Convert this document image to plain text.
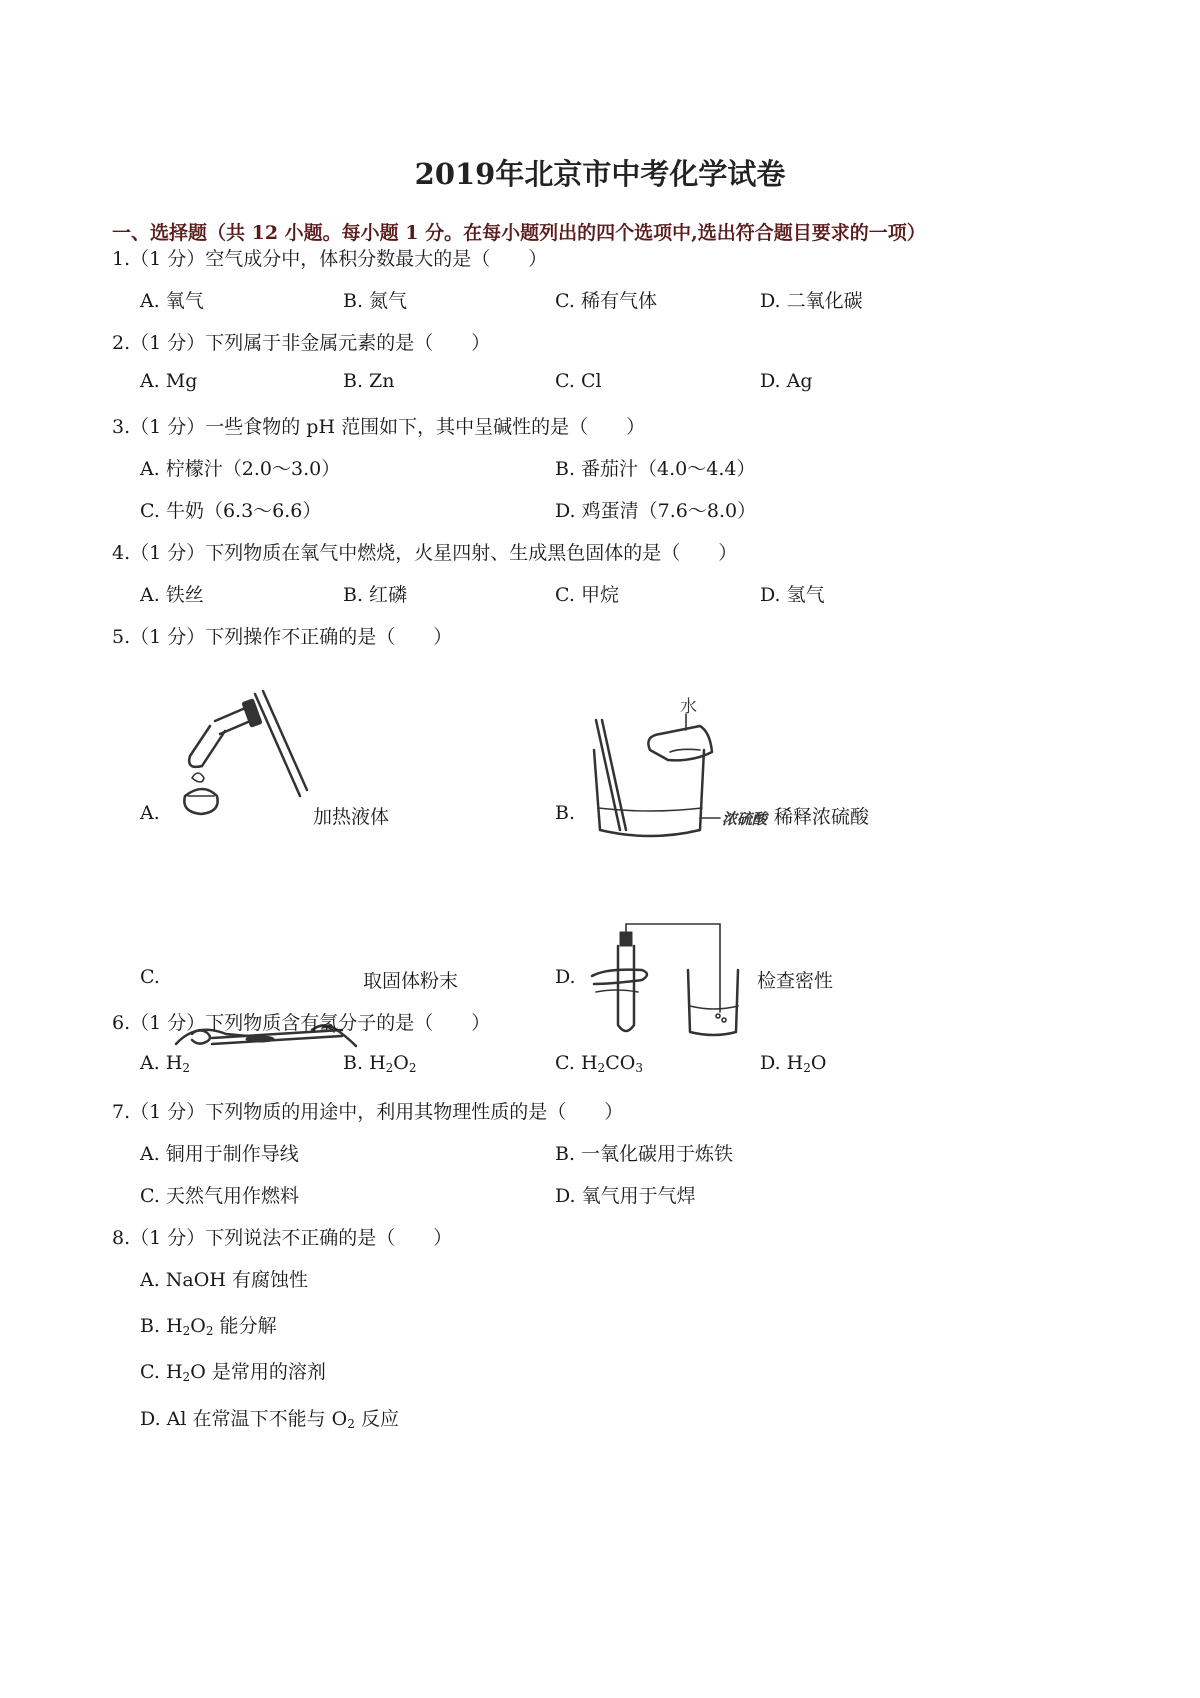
2019年北京市中考化学试卷
一、选择题（共 12 小题。每小题 1 分。在每小题列出的四个选项中,选出符合题目要求的一项）
1.（1 分）空气成分中，体积分数最大的是（　　）
A. 氧气	B. 氮气	C. 稀有气体	D. 二氧化碳
2.（1 分）下列属于非金属元素的是（　　）
A. Mg	B. Zn	C. Cl	D. Ag
3.（1 分）一些食物的 pH 范围如下，其中呈碱性的是（　　）
A. 柠檬汁（2.0～3.0）	B. 番茄汁（4.0～4.4）
C. 牛奶（6.3～6.6）	D. 鸡蛋清（7.6～8.0）
4.（1 分）下列物质在氧气中燃烧，火星四射、生成黑色固体的是（　　）
A. 铁丝	B. 红磷	C. 甲烷	D. 氢气
5.（1 分）下列操作不正确的是（　　）
A.	加热液体
水
浓硫酸
B.	稀释浓硫酸
C.	取固体粉末	D.	检查密性
6.（1 分）下列物质含有氢分子的是（　　）
A. $H_2$	B. $H_2O_2$	C. $H_2CO_3$	D. $H_2O$
7.（1 分）下列物质的用途中，利用其物理性质的是（　　）
A. 铜用于制作导线	B. 一氧化碳用于炼铁
C. 天然气用作燃料	D. 氧气用于气焊
8.（1 分）下列说法不正确的是（　　）
A. NaOH 有腐蚀性
B. $H_2O_2$ 能分解
C. $H_2O$ 是常用的溶剂
D. Al 在常温下不能与 $O_2$ 反应
